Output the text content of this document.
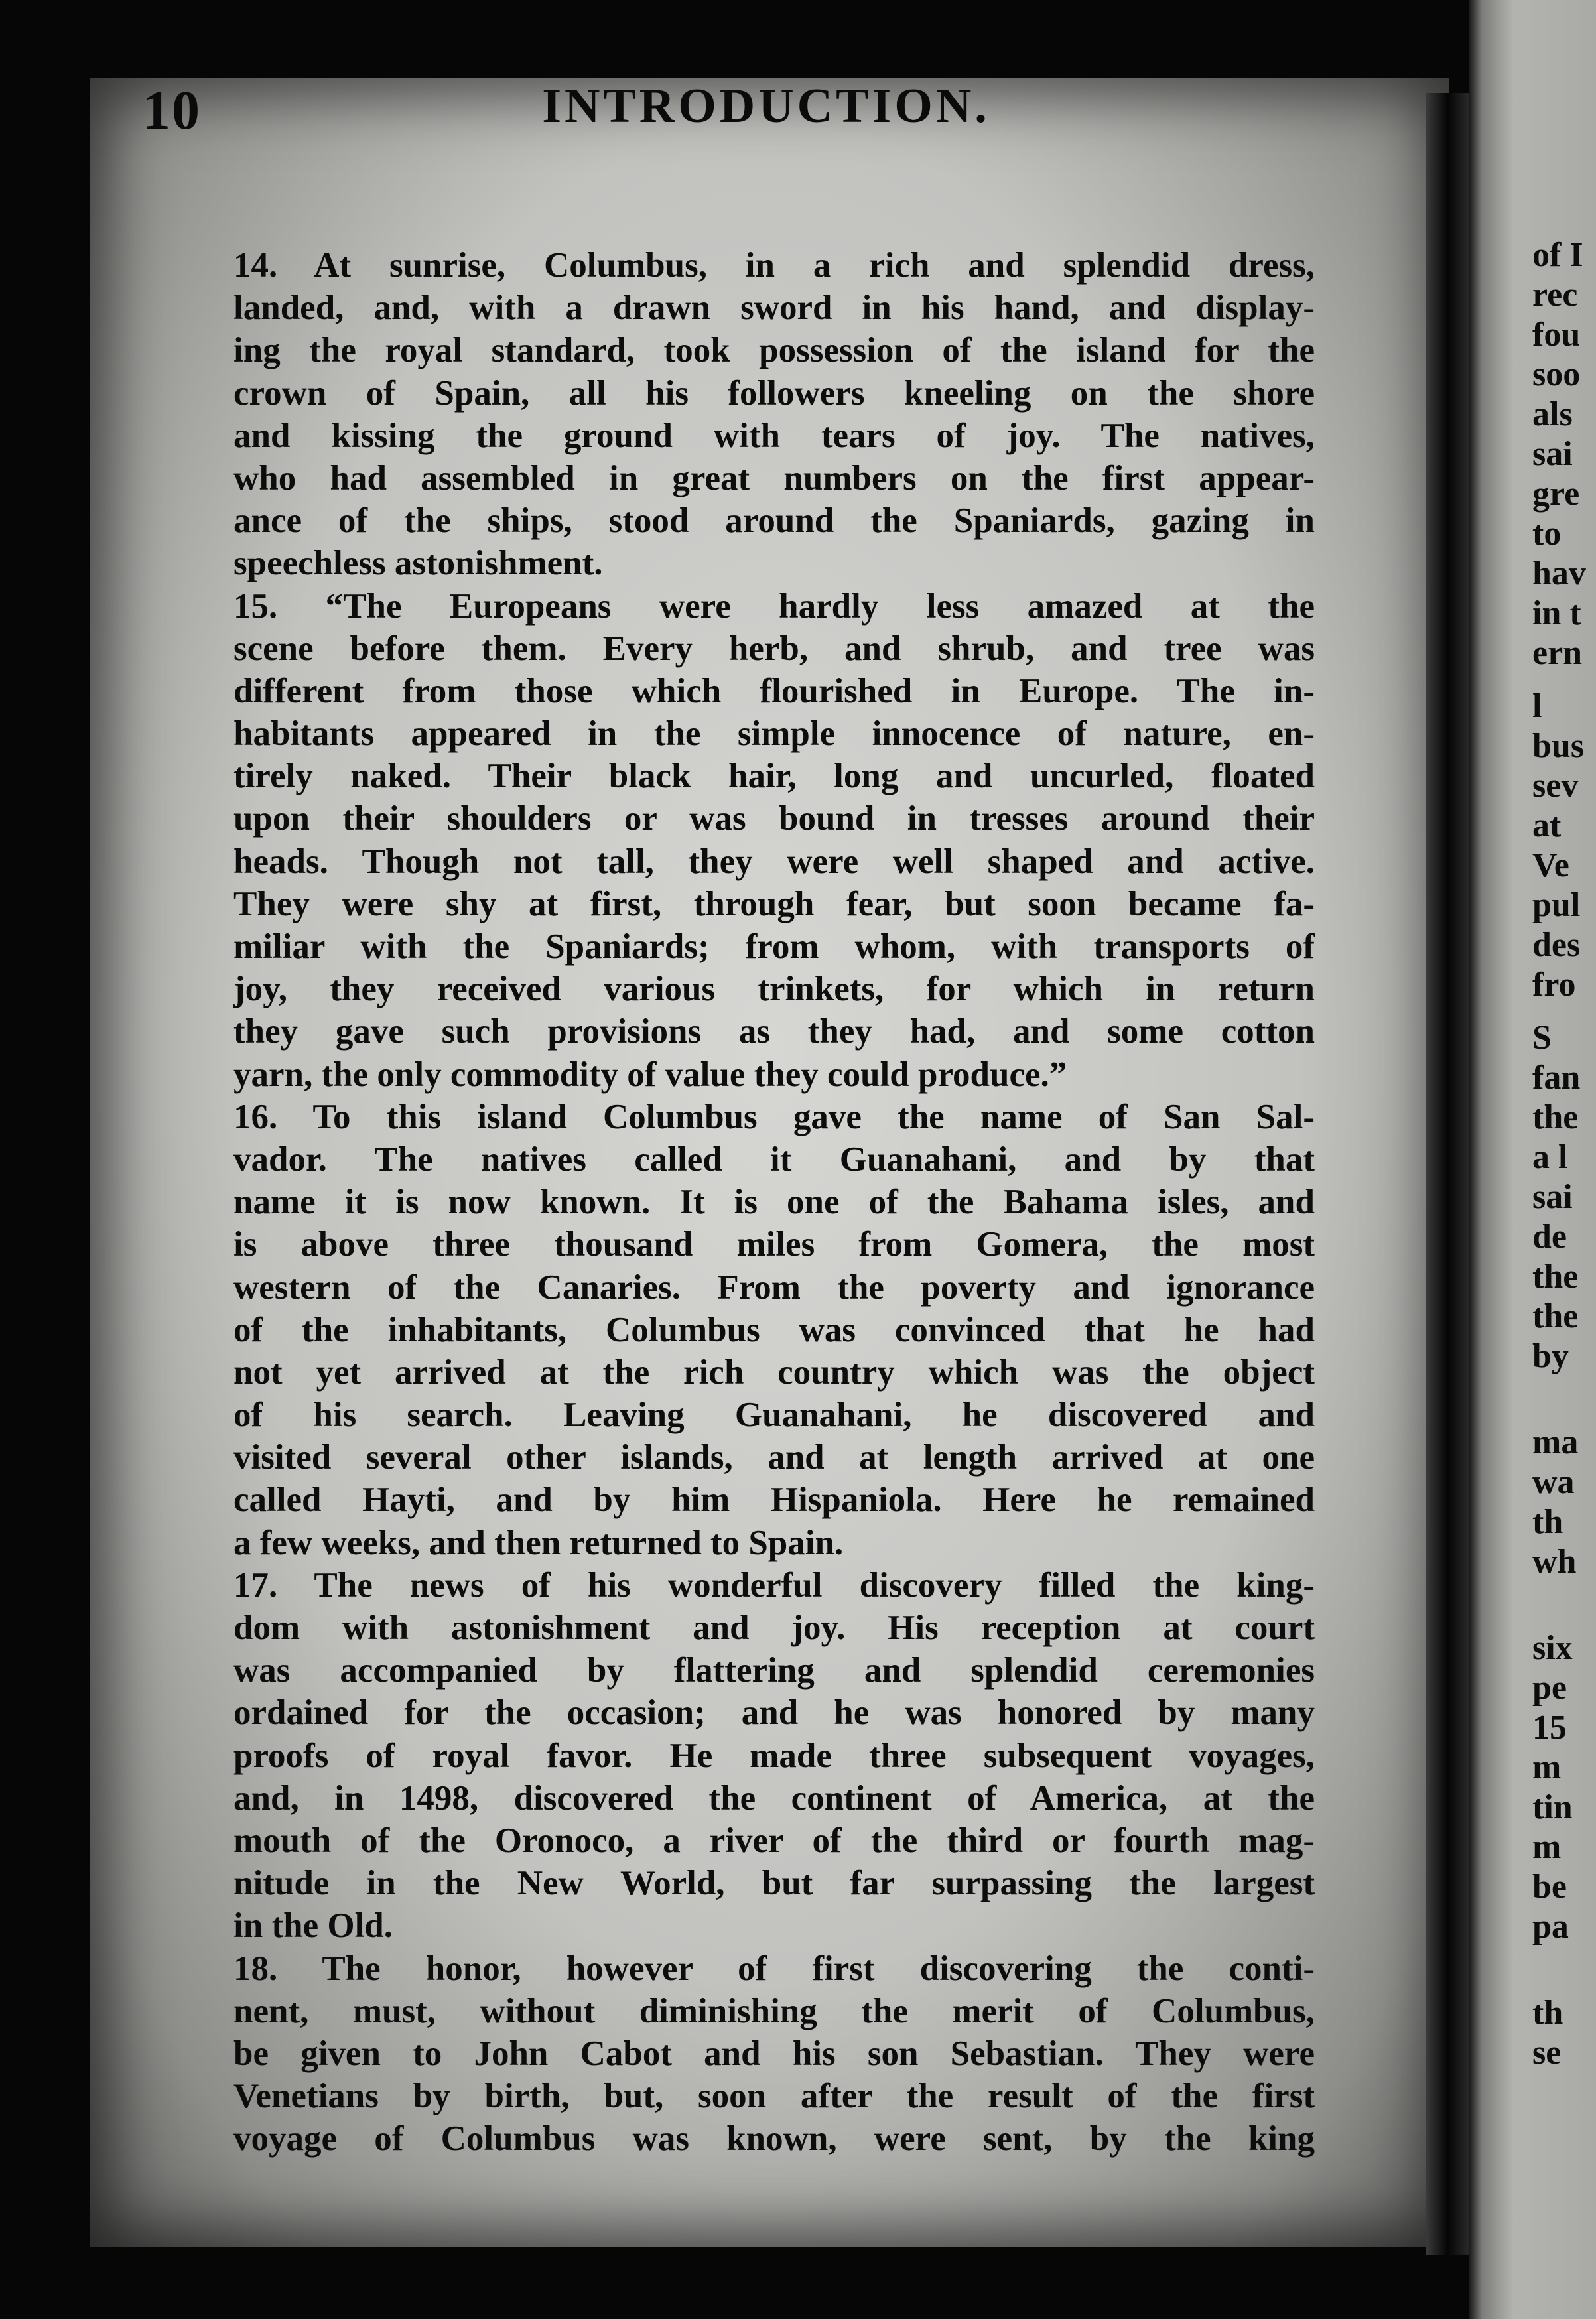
10	INTRODUCTION.
14. At sunrise, Columbus, in a rich and splendid dress,
landed, and, with a drawn sword in his hand, and display-
ing the royal standard, took possession of the island for the
crown of Spain, all his followers kneeling on the shore
and kissing the ground with tears of joy. The natives,
who had assembled in great numbers on the first appear-
ance of the ships, stood around the Spaniards, gazing in
speechless astonishment.
15. “The Europeans were hardly less amazed at the
scene before them. Every herb, and shrub, and tree was
different from those which flourished in Europe. The in-
habitants appeared in the simple innocence of nature, en-
tirely naked. Their black hair, long and uncurled, floated
upon their shoulders or was bound in tresses around their
heads. Though not tall, they were well shaped and active.
They were shy at first, through fear, but soon became fa-
miliar with the Spaniards; from whom, with transports of
joy, they received various trinkets, for which in return
they gave such provisions as they had, and some cotton
yarn, the only commodity of value they could produce.”
16. To this island Columbus gave the name of San Sal-
vador. The natives called it Guanahani, and by that
name it is now known. It is one of the Bahama isles, and
is above three thousand miles from Gomera, the most
western of the Canaries. From the poverty and ignorance
of the inhabitants, Columbus was convinced that he had
not yet arrived at the rich country which was the object
of his search. Leaving Guanahani, he discovered and
visited several other islands, and at length arrived at one
called Hayti, and by him Hispaniola. Here he remained
a few weeks, and then returned to Spain.
17. The news of his wonderful discovery filled the king-
dom with astonishment and joy. His reception at court
was accompanied by flattering and splendid ceremonies
ordained for the occasion; and he was honored by many
proofs of royal favor. He made three subsequent voyages,
and, in 1498, discovered the continent of America, at the
mouth of the Oronoco, a river of the third or fourth mag-
nitude in the New World, but far surpassing the largest
in the Old.
18. The honor, however of first discovering the conti-
nent, must, without diminishing the merit of Columbus,
be given to John Cabot and his son Sebastian. They were
Venetians by birth, but, soon after the result of the first
voyage of Columbus was known, were sent, by the king
of I
rec
fou
soo
als
sai
gre
to
hav
in t
ern
l
bus
sev
at
Ve
pul
des
fro
S
fan
the
a l
sai
de
the
the
by
ma
wa
th
wh
six
pe
15
m
tin
m
be
pa
th
se
